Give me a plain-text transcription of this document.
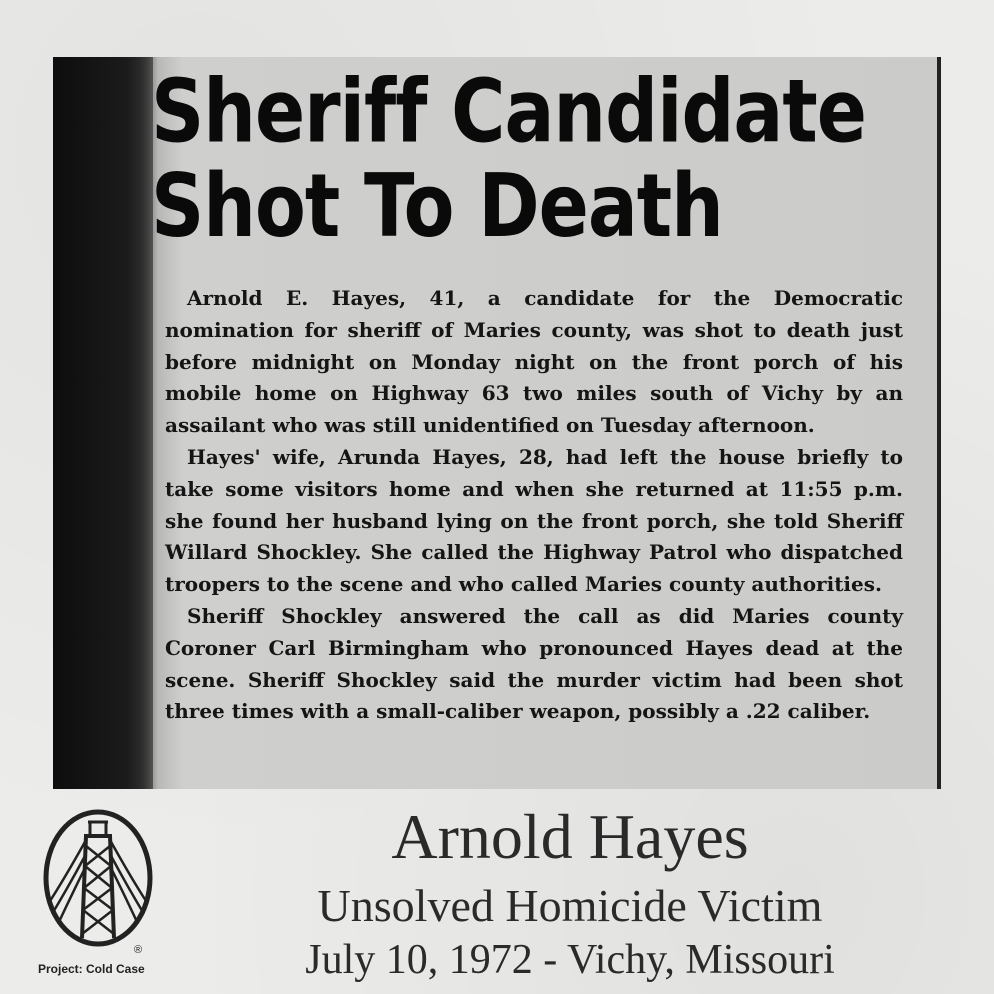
Sheriff Candidate
Shot To Death

Arnold E. Hayes, 41, a candidate for the Democratic nomination for sheriff of Maries county, was shot to death just before midnight on Monday night on the front porch of his mobile home on Highway 63 two miles south of Vichy by an assailant who was still unidentified on Tuesday afternoon.

Hayes' wife, Arunda Hayes, 28, had left the house briefly to take some visitors home and when she returned at 11:55 p.m. she found her husband lying on the front porch, she told Sheriff Willard Shockley. She called the Highway Patrol who dispatched troopers to the scene and who called Maries county authorities.

Sheriff Shockley answered the call as did Maries county Coroner Carl Birmingham who pronounced Hayes dead at the scene. Sheriff Shockley said the murder victim had been shot three times with a small-caliber weapon, possibly a .22 caliber.

®
Project: Cold Case
Arnold Hayes
Unsolved Homicide Victim
July 10, 1972 - Vichy, Missouri
